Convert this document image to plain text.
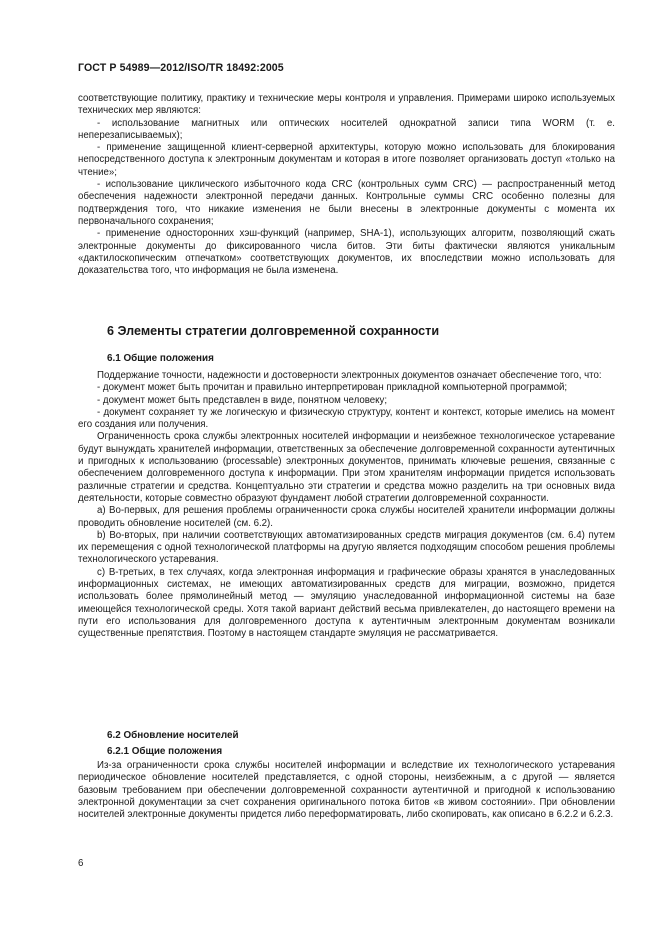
ГОСТ Р 54989—2012/ISO/TR 18492:2005

соответствующие политику, практику и технические меры контроля и управления. Примерами широко используемых технических мер являются:

- использование магнитных или оптических носителей однократной записи типа WORM (т. е. неперезаписываемых);

- применение защищенной клиент-серверной архитектуры, которую можно использовать для блокирования непосредственного доступа к электронным документам и которая в итоге позволяет организовать доступ «только на чтение»;

- использование циклического избыточного кода CRC (контрольных сумм CRC) — распространенный метод обеспечения надежности электронной передачи данных. Контрольные суммы CRC особенно полезны для подтверждения того, что никакие изменения не были внесены в электронные документы с момента их первоначального сохранения;

- применение односторонних хэш-функций (например, SHA-1), использующих алгоритм, позволяющий сжать электронные документы до фиксированного числа битов. Эти биты фактически являются уникальным «дактилоскопическим отпечатком» соответствующих документов, их впоследствии можно использовать для доказательства того, что информация не была изменена.

6 Элементы стратегии долговременной сохранности
6.1 Общие положения

Поддержание точности, надежности и достоверности электронных документов означает обеспечение того, что:

- документ может быть прочитан и правильно интерпретирован прикладной компьютерной программой;

- документ может быть представлен в виде, понятном человеку;

- документ сохраняет ту же логическую и физическую структуру, контент и контекст, которые имелись на момент его создания или получения.

Ограниченность срока службы электронных носителей информации и неизбежное технологическое устаревание будут вынуждать хранителей информации, ответственных за обеспечение долговременной сохранности аутентичных и пригодных к использованию (processable) электронных документов, принимать ключевые решения, связанные с обеспечением долговременного доступа к информации. При этом хранителям информации придется использовать различные стратегии и средства. Концептуально эти стратегии и средства можно разделить на три основных вида деятельности, которые совместно образуют фундамент любой стратегии долговременной сохранности.

а) Во-первых, для решения проблемы ограниченности срока службы носителей хранители информации должны проводить обновление носителей (см. 6.2).

b) Во-вторых, при наличии соответствующих автоматизированных средств миграция документов (см. 6.4) путем их перемещения с одной технологической платформы на другую является подходящим способом решения проблемы технологического устаревания.

с) В-третьих, в тех случаях, когда электронная информация и графические образы хранятся в унаследованных информационных системах, не имеющих автоматизированных средств для миграции, возможно, придется использовать более прямолинейный метод — эмуляцию унаследованной информационной системы на базе имеющейся технологической среды. Хотя такой вариант действий весьма привлекателен, до настоящего времени на пути его использования для долговременного доступа к аутентичным электронным документам возникали существенные препятствия. Поэтому в настоящем стандарте эмуляция не рассматривается.

6.2 Обновление носителей
6.2.1 Общие положения

Из-за ограниченности срока службы носителей информации и вследствие их технологического устаревания периодическое обновление носителей представляется, с одной стороны, неизбежным, а с другой — является базовым требованием при обеспечении долговременной сохранности аутентичной и пригодной к использованию электронной документации за счет сохранения оригинального потока битов «в живом состоянии». При обновлении носителей электронные документы придется либо переформатировать, либо скопировать, как описано в 6.2.2 и 6.2.3.

6
